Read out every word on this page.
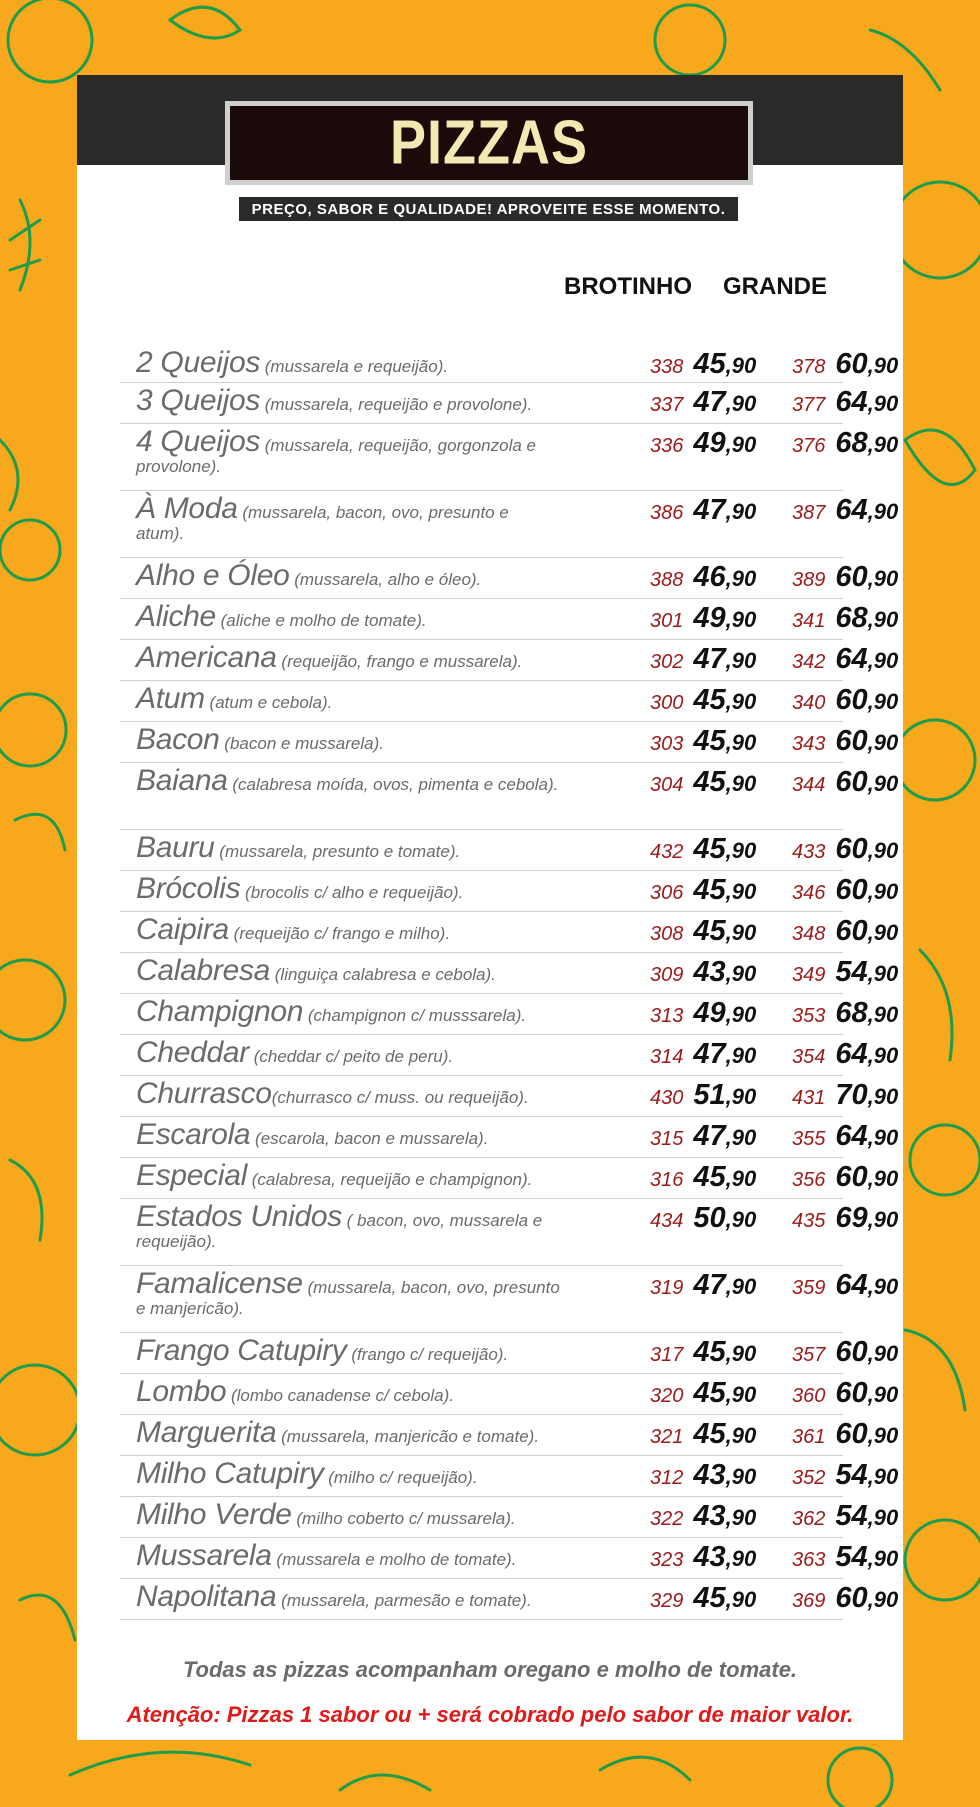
PIZZAS
PREÇO, SABOR E QUALIDADE! APROVEITE ESSE MOMENTO.
BROTINHO GRANDE
2 Queijos (mussarela e requeijão).	338 45,90 378 60,90
3 Queijos (mussarela, requeijão e provolone).	337 47,90 377 64,90
4 Queijos (mussarela, requeijão, gorgonzola e provolone).
336 49,90 376 68,90
À Moda (mussarela, bacon, ovo, presunto e atum).
386 47,90 387 64,90
Alho e Óleo (mussarela, alho e óleo).	388 46,90 389 60,90
Aliche (aliche e molho de tomate).	301 49,90 341 68,90
Americana (requeijão, frango e mussarela).	302 47,90 342 64,90
Atum (atum e cebola).	300 45,90 340 60,90
Bacon (bacon e mussarela).	303 45,90 343 60,90
Baiana (calabresa moída, ovos, pimenta e cebola).	304 45,90 344 60,90
Bauru (mussarela, presunto e tomate).	432 45,90 433 60,90
Brócolis (brocolis c/ alho e requeijão).	306 45,90 346 60,90
Caipira (requeijão c/ frango e milho).	308 45,90 348 60,90
Calabresa (linguiça calabresa e cebola).	309 43,90 349 54,90
Champignon (champignon c/ musssarela).	313 49,90 353 68,90
Cheddar (cheddar c/ peito de peru).	314 47,90 354 64,90
Churrasco(churrasco c/ muss. ou requeijão).	430 51,90 431 70,90
Escarola (escarola, bacon e mussarela).	315 47,90 355 64,90
Especial (calabresa, requeijão e champignon).	316 45,90 356 60,90
Estados Unidos ( bacon, ovo, mussarela e requeijão).
434 50,90 435 69,90
Famalicense (mussarela, bacon, ovo, presunto e manjericão).
319 47,90 359 64,90
Frango Catupiry (frango c/ requeijão).	317 45,90 357 60,90
Lombo (lombo canadense c/ cebola).	320 45,90 360 60,90
Marguerita (mussarela, manjericão e tomate).	321 45,90 361 60,90
Milho Catupiry (milho c/ requeijão).	312 43,90 352 54,90
Milho Verde (milho coberto c/ mussarela).	322 43,90 362 54,90
Mussarela (mussarela e molho de tomate).	323 43,90 363 54,90
Napolitana (mussarela, parmesão e tomate).	329 45,90 369 60,90
Todas as pizzas acompanham oregano e molho de tomate.
Atenção: Pizzas 1 sabor ou + será cobrado pelo sabor de maior valor.
